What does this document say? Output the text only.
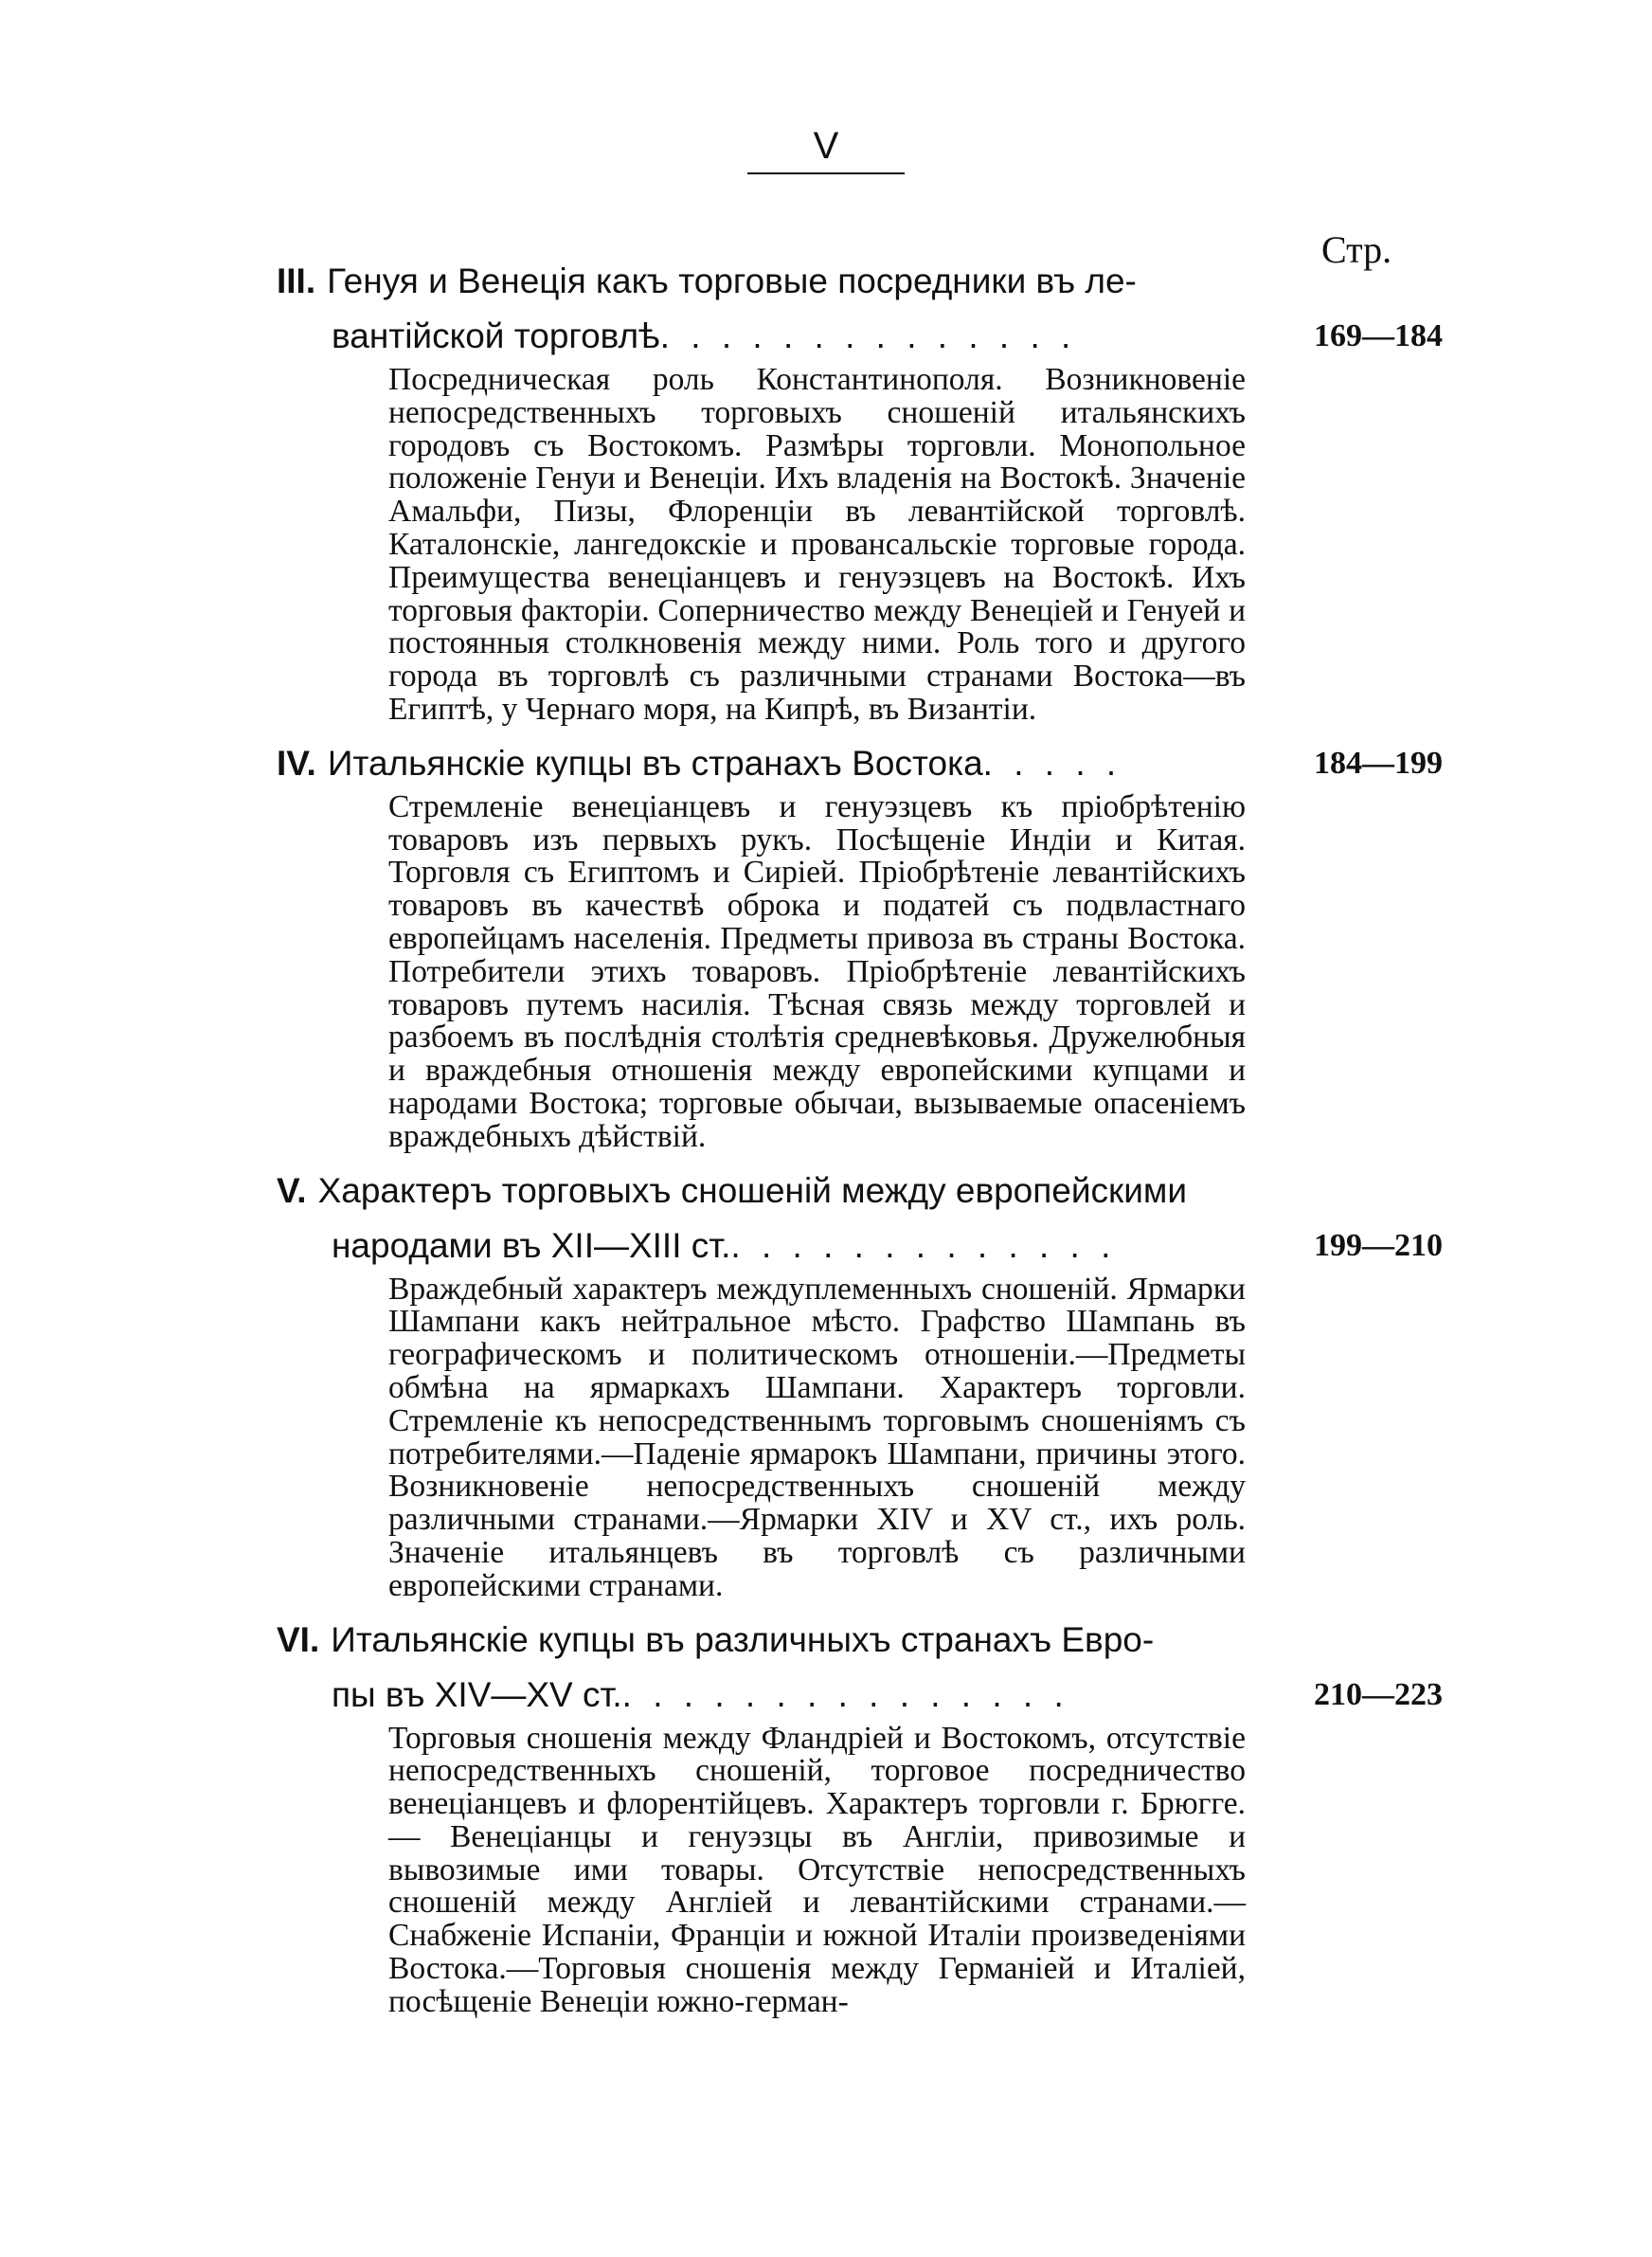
V
Стр.
III. Генуя и Венеція какъ торговые посредники въ ле-
вантійской торговлѣ. . . . . . . . . . . . . .	169—184
Посредническая роль Константинополя. Возникновеніе непосредственныхъ торговыхъ сношеній итальянскихъ городовъ съ Востокомъ. Размѣры торговли. Монопольное положеніе Генуи и Венеціи. Ихъ владенія на Востокѣ. Значеніе Амальфи, Пизы, Флоренціи въ левантійской торговлѣ. Каталонскіе, лангедокскіе и провансальскіе торговые города. Преимущества венеціанцевъ и генуэзцевъ на Востокѣ. Ихъ торговыя факторіи. Соперничество между Венеціей и Генуей и постоянныя столкновенія между ними. Роль того и другого города въ торговлѣ съ различными странами Востока—въ Египтѣ, у Чернаго моря, на Кипрѣ, въ Византіи.
IV. Итальянскіе купцы въ странахъ Востока. . . . .	184—199
Стремленіе венеціанцевъ и генуэзцевъ къ пріобрѣтенію товаровъ изъ первыхъ рукъ. Посѣщеніе Индіи и Китая. Торговля съ Египтомъ и Сиріей. Пріобрѣтеніе левантійскихъ товаровъ въ качествѣ оброка и податей съ подвластнаго европейцамъ населенія. Предметы привоза въ страны Востока. Потребители этихъ товаровъ. Пріобрѣтеніе левантійскихъ товаровъ путемъ насилія. Тѣсная связь между торговлей и разбоемъ въ послѣднія столѣтія средневѣковья. Дружелюбныя и враждебныя отношенія между европейскими купцами и народами Востока; торговые обычаи, вызываемые опасеніемъ враждебныхъ дѣйствій.
V. Характеръ торговыхъ сношеній между европейскими
народами въ XII—XIII ст.. . . . . . . . . . . . .	199—210
Враждебный характеръ междуплеменныхъ сношеній. Ярмарки Шампани какъ нейтральное мѣсто. Графство Шампань въ географическомъ и политическомъ отношеніи.—Предметы обмѣна на ярмаркахъ Шампани. Характеръ торговли. Стремленіе къ непосредственнымъ торговымъ сношеніямъ съ потребителями.—Паденіе ярмарокъ Шампани, причины этого. Возникновеніе непосредственныхъ сношеній между различными странами.—Ярмарки XIV и XV ст., ихъ роль. Значеніе итальянцевъ въ торговлѣ съ различными европейскими странами.
VI. Итальянскіе купцы въ различныхъ странахъ Евро-
пы въ XIV—XV ст.. . . . . . . . . . . . . . .	210—223
Торговыя сношенія между Фландріей и Востокомъ, отсутствіе непосредственныхъ сношеній, торговое посредничество венеціанцевъ и флорентійцевъ. Характеръ торговли г. Брюгге. — Венеціанцы и генуэзцы въ Англіи, привозимые и вывозимые ими товары. Отсутствіе непосредственныхъ сношеній между Англіей и левантійскими странами.—Снабженіе Испаніи, Франціи и южной Италіи произведеніями Востока.—Торговыя сношенія между Германіей и Италіей, посѣщеніе Венеціи южно-герман-
